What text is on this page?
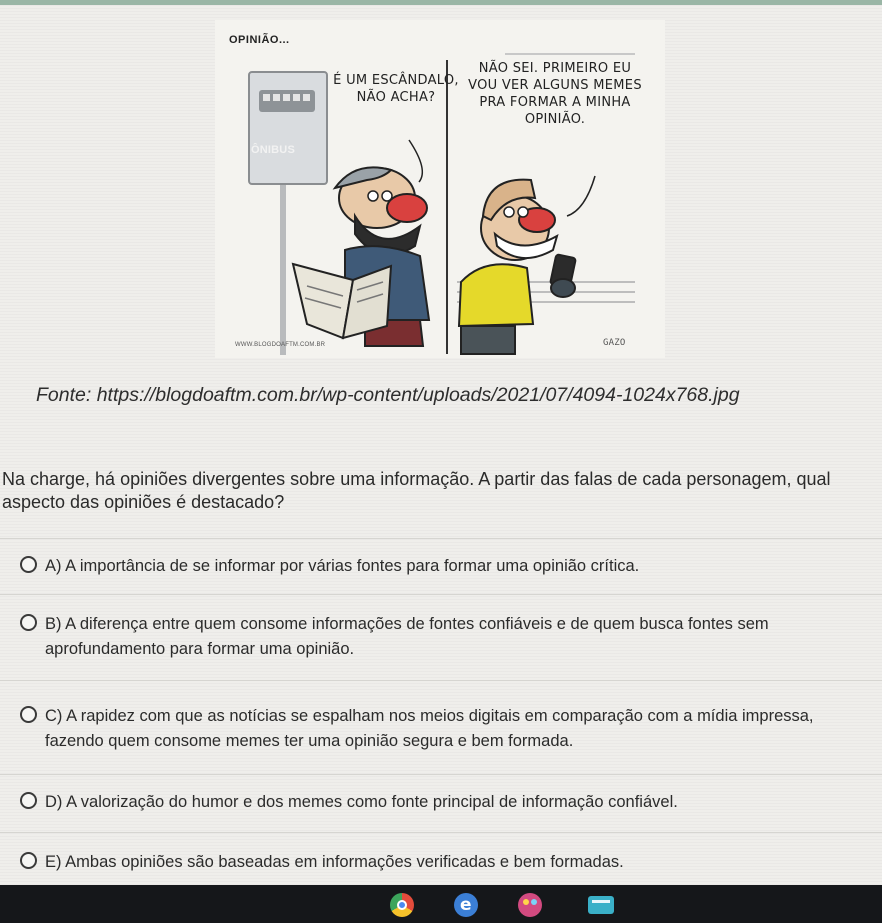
OPINIÃO...
É UM ESCÂNDALO, NÃO ACHA?
NÃO SEI. PRIMEIRO EU VOU VER ALGUNS MEMES PRA FORMAR A MINHA OPINIÃO.
ÔNIBUS
WWW.BLOGDOAFTM.COM.BR	GAZO
Fonte: https://blogdoaftm.com.br/wp-content/uploads/2021/07/4094-1024x768.jpg
Na charge, há opiniões divergentes sobre uma informação. A partir das falas de cada personagem, qual aspecto das opiniões é destacado?
A) A importância de se informar por várias fontes para formar uma opinião crítica.
B) A diferença entre quem consome informações de fontes confiáveis e de quem busca fontes sem aprofundamento para formar uma opinião.
C) A rapidez com que as notícias se espalham nos meios digitais em comparação com a mídia impressa, fazendo quem consome memes ter uma opinião segura e bem formada.
D) A valorização do humor e dos memes como fonte principal de informação confiável.
E) Ambas opiniões são baseadas em informações verificadas e bem formadas.
e
